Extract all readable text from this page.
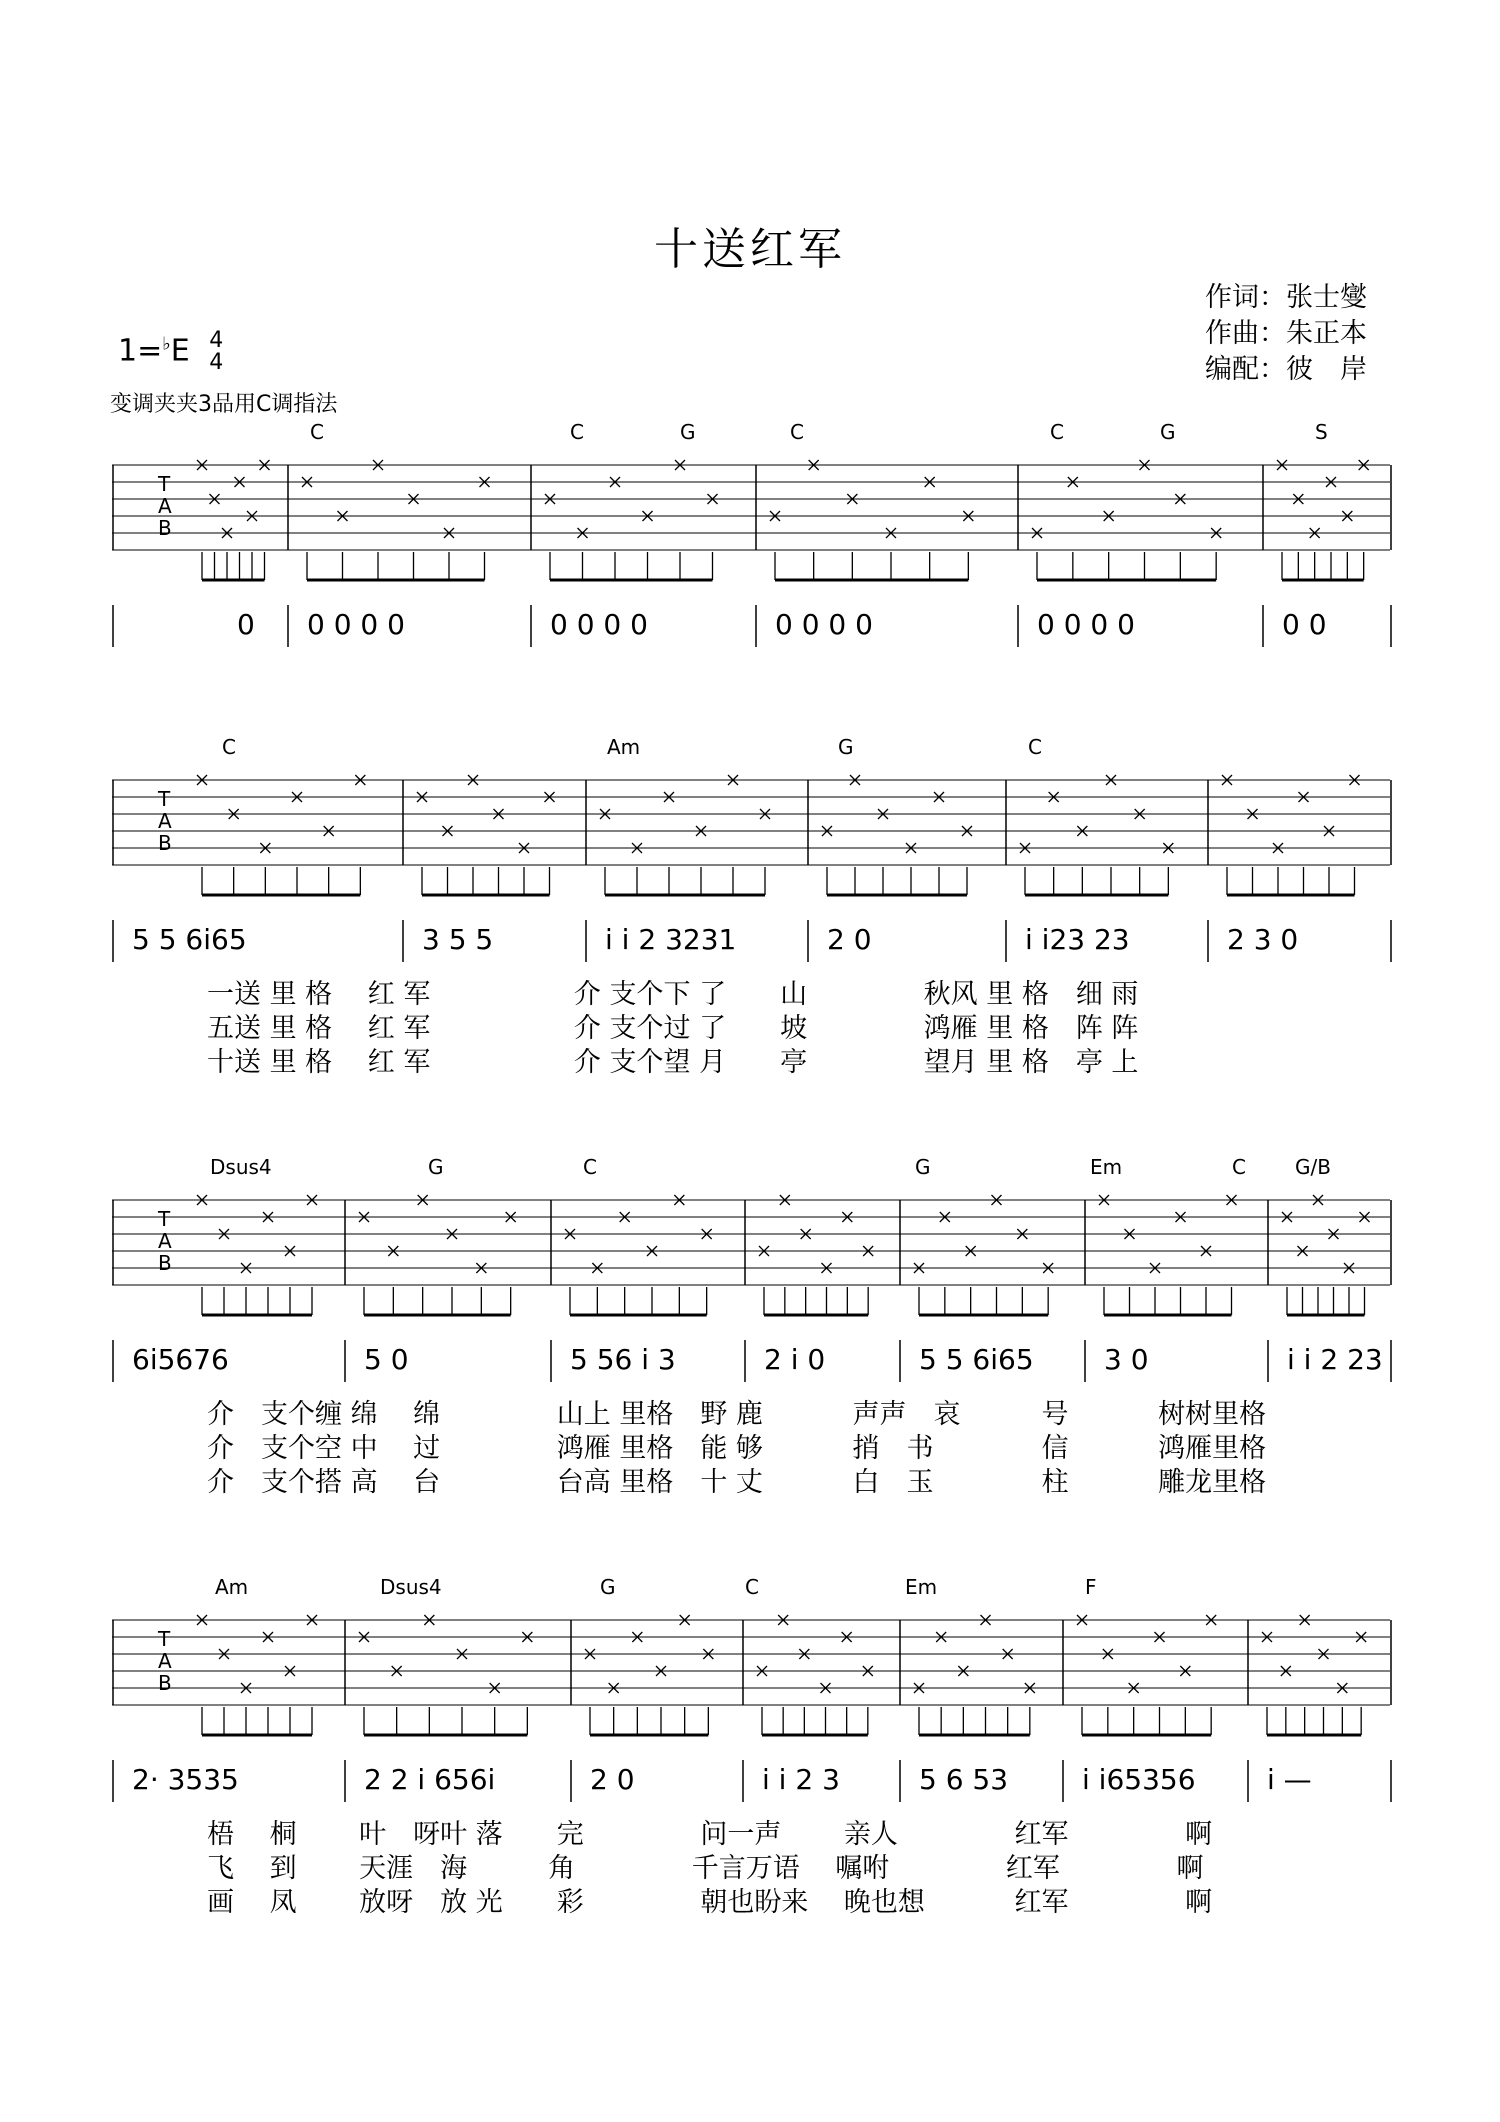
十送红军
作词：张士燮
作曲：朱正本
编配：彼　岸
1=♭E 4
4
变调夹夹3品用C调指法
C	C	G	C	C	G	S
T
A
B
0 0 0 0 0	0 0 0 0	0 0 0 0	0 0 0 0	0 0
C	Am	G	C
T
A
B
5 5 6i65	3 5 5	i i 2 3231	2 0	i i23 23	2 3 0
一送 里 格　 红 军　　　　　 介 支个下 了　　山　　　　 秋风 里 格　细 雨
五送 里 格　 红 军　　　　　 介 支个过 了　　坡　　　　 鸿雁 里 格　阵 阵
十送 里 格　 红 军　　　　　 介 支个望 月　　亭　　　　 望月 里 格　亭 上
Dsus4	G	C	G	Em	C G/B
T
A
B
6i5676	5 0	5 56 i 3	2 i 0	5 5 6i65	3 0	i i 2 23
介　支个缠 绵　 绵　　　　 山上 里格　野 鹿　　　 声声　哀　　　号　　　 树树里格
介　支个空 中　 过　　　　 鸿雁 里格　能 够　　　 捎　书　　　　信　　　 鸿雁里格
介　支个搭 高　 台　　　　 台高 里格　十 丈　　　 白　玉　　　　柱　　　 雕龙里格
Am	Dsus4	G	C	Em	F
T
A
B
2· 3535	2 2 i 656i	2 0	i i 2 3	5 6 53	i i65356	i —
梧　 桐　　 叶　呀叶 落　　完　　　　 问一声　　 亲人　　　　 红军　　　　 啊
飞　 到　　 天涯　海　　　角　　　　 千言万语　 嘱咐　　　　 红军　　　　 啊
画　 凤　　 放呀　放 光　　彩　　　　 朝也盼来　 晚也想　　　 红军　　　　 啊
